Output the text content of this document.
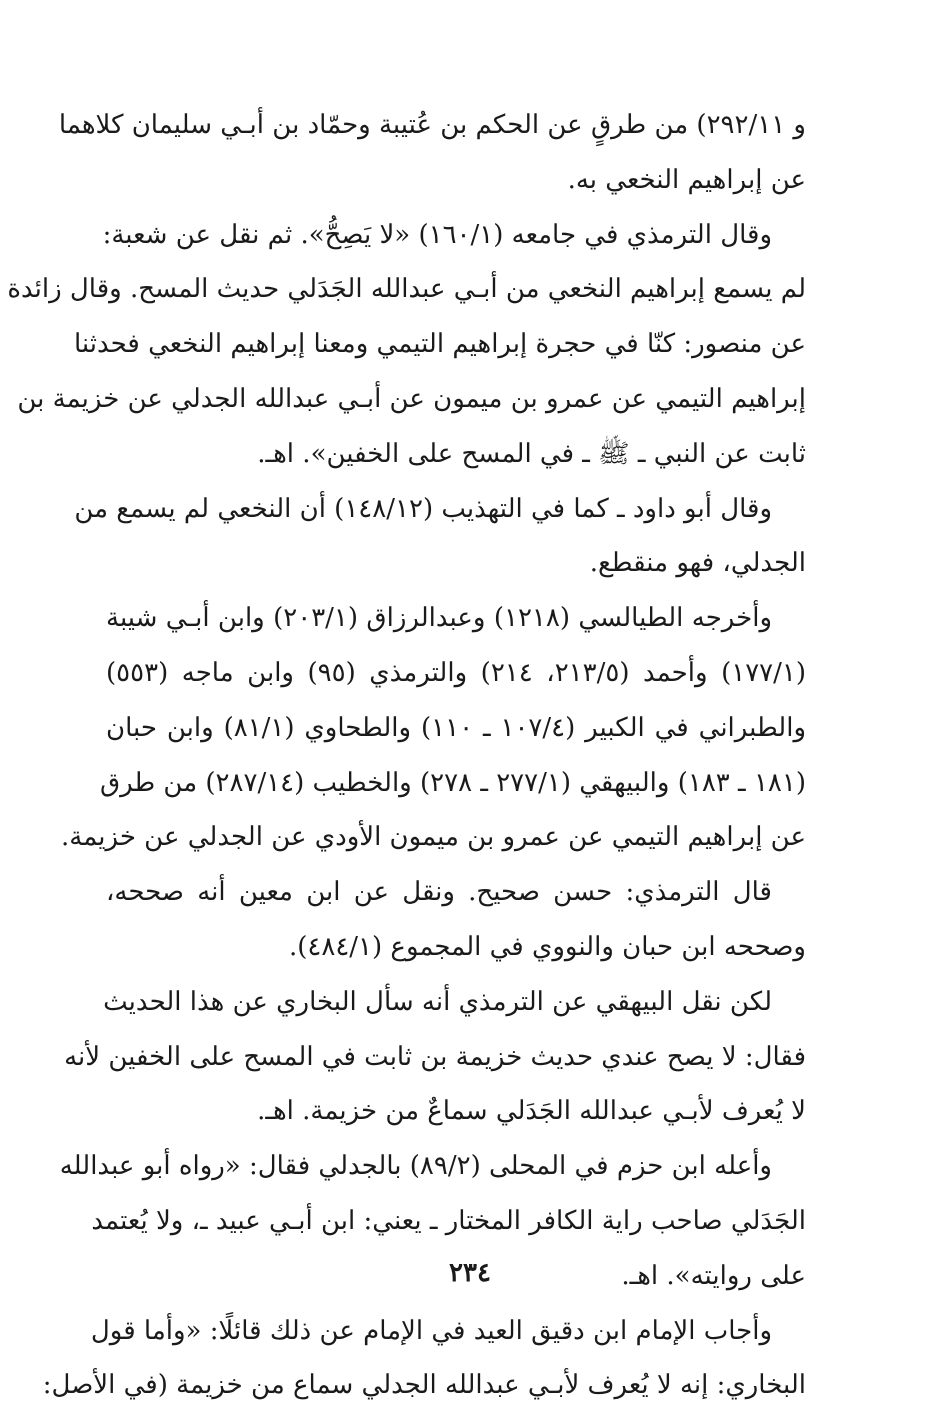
و ٢٩٢/١١) من طرقٍ عن الحكم بن عُتيبة وحمّاد بن أبـي سليمان كلاهما
عن إبراهيم النخعي به.
وقال الترمذي في جامعه (١٦٠/١) «لا يَصِحُّ». ثم نقل عن شعبة:
لم يسمع إبراهيم النخعي من أبـي عبدالله الجَدَلي حديث المسح. وقال زائدة
عن منصور: كنّا في حجرة إبراهيم التيمي ومعنا إبراهيم النخعي فحدثنا
إبراهيم التيمي عن عمرو بن ميمون عن أبـي عبدالله الجدلي عن خزيمة بن
ثابت عن النبي ـ ﷺ ـ في المسح على الخفين». اهـ.
وقال أبو داود ـ كما في التهذيب (١٤٨/١٢) أن النخعي لم يسمع من
الجدلي، فهو منقطع.
وأخرجه الطيالسي (١٢١٨) وعبدالرزاق (٢٠٣/١) وابن أبـي شيبة
(١٧٧/١) وأحمد (٢١٣/٥، ٢١٤) والترمذي (٩٥) وابن ماجه (٥٥٣)
والطبراني في الكبير (١٠٧/٤ ـ ١١٠) والطحاوي (٨١/١) وابن حبان
(١٨١ ـ ١٨٣) والبيهقي (٢٧٧/١ ـ ٢٧٨) والخطيب (٢٨٧/١٤) من طرق
عن إبراهيم التيمي عن عمرو بن ميمون الأودي عن الجدلي عن خزيمة.
قال الترمذي: حسن صحيح. ونقل عن ابن معين أنه صححه،
وصححه ابن حبان والنووي في المجموع (٤٨٤/١).
لكن نقل البيهقي عن الترمذي أنه سأل البخاري عن هذا الحديث
فقال: لا يصح عندي حديث خزيمة بن ثابت في المسح على الخفين لأنه
لا يُعرف لأبـي عبدالله الجَدَلي سماعٌ من خزيمة. اهـ.
وأعله ابن حزم في المحلى (٨٩/٢) بالجدلي فقال: «رواه أبو عبدالله
الجَدَلي صاحب راية الكافر المختار ـ يعني: ابن أبـي عبيد ـ، ولا يُعتمد
على روايته». اهـ.
وأجاب الإمام ابن دقيق العيد في الإمام عن ذلك قائلًا: «وأما قول
البخاري: إنه لا يُعرف لأبـي عبدالله الجدلي سماع من خزيمة (في الأصل:
٢٣٤
